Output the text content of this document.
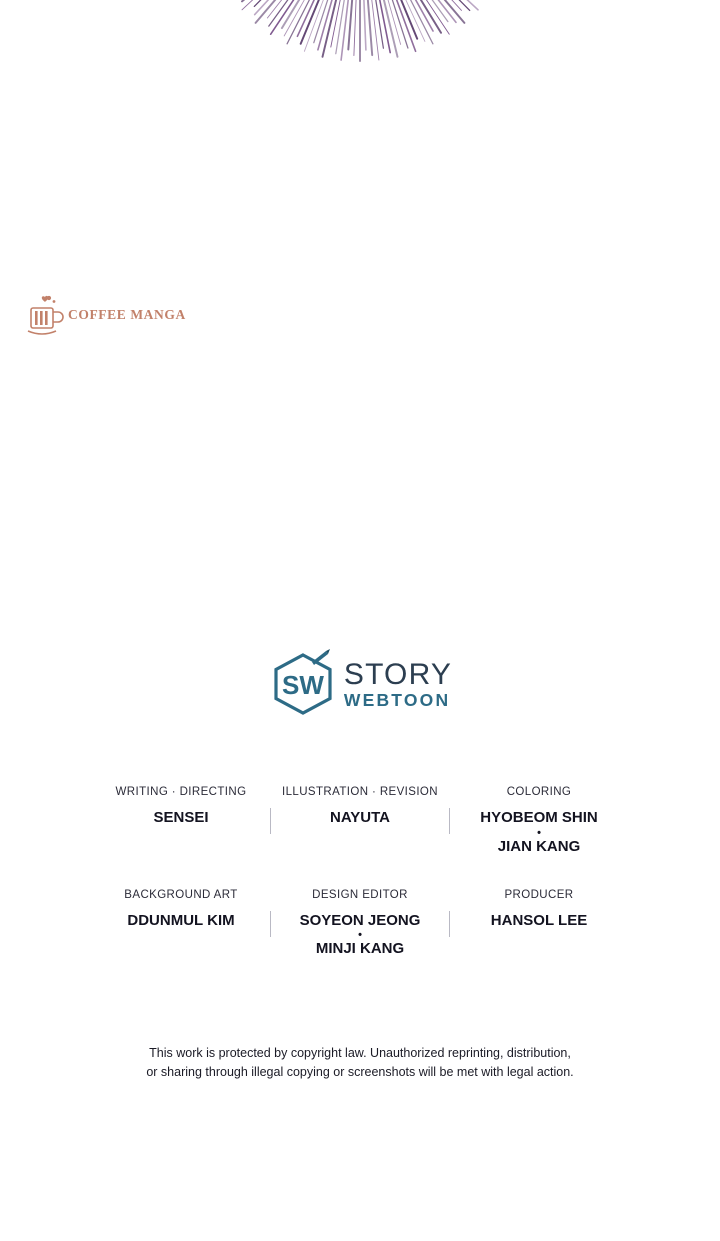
COFFEE MANGA
SW STORY
WEBTOON
WRITING · DIRECTING
SENSEI
ILLUSTRATION · REVISION
NAYUTA
COLORING
HYOBEOM SHIN
•
JIAN KANG
BACKGROUND ART
DDUNMUL KIM
DESIGN EDITOR
SOYEON JEONG
•
MINJI KANG
PRODUCER
HANSOL LEE
This work is protected by copyright law. Unauthorized reprinting, distribution,
or sharing through illegal copying or screenshots will be met with legal action.
